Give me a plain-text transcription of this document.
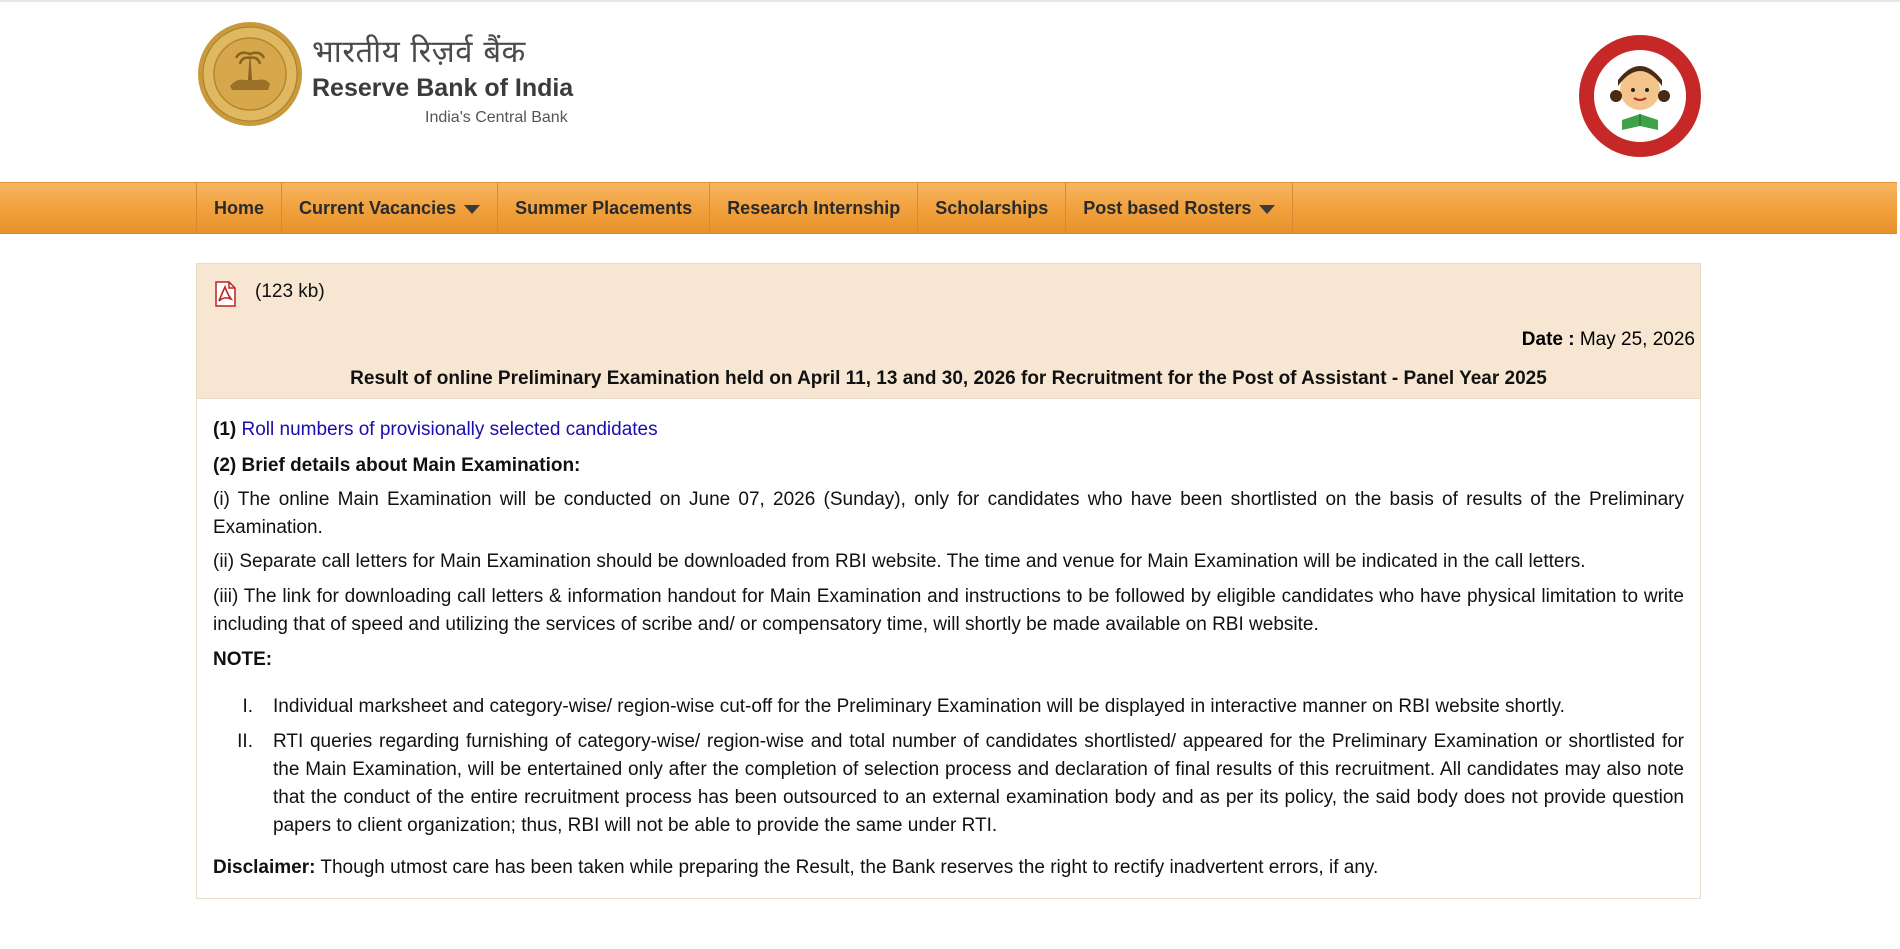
भारतीय रिज़र्व बैंक
Reserve Bank of India
India's Central Bank
Home Current Vacancies	Summer Placements Research Internship Scholarships Post based Rosters
(123 kb)
Date : May 25, 2026
Result of online Preliminary Examination held on April 11, 13 and 30, 2026 for Recruitment for the Post of Assistant - Panel Year 2025
(1) Roll numbers of provisionally selected candidates
(2) Brief details about Main Examination:
(i) The online Main Examination will be conducted on June 07, 2026 (Sunday), only for candidates who have been shortlisted on the basis of results of the Preliminary Examination.
(ii) Separate call letters for Main Examination should be downloaded from RBI website. The time and venue for Main Examination will be indicated in the call letters.
(iii) The link for downloading call letters & information handout for Main Examination and instructions to be followed by eligible candidates who have physical limitation to write including that of speed and utilizing the services of scribe and/ or compensatory time, will shortly be made available on RBI website.
NOTE:
I. Individual marksheet and category-wise/ region-wise cut-off for the Preliminary Examination will be displayed in interactive manner on RBI website shortly.
II. RTI queries regarding furnishing of category-wise/ region-wise and total number of candidates shortlisted/ appeared for the Preliminary Examination or shortlisted for the Main Examination, will be entertained only after the completion of selection process and declaration of final results of this recruitment. All candidates may also note that the conduct of the entire recruitment process has been outsourced to an external examination body and as per its policy, the said body does not provide question papers to client organization; thus, RBI will not be able to provide the same under RTI.
Disclaimer: Though utmost care has been taken while preparing the Result, the Bank reserves the right to rectify inadvertent errors, if any.
